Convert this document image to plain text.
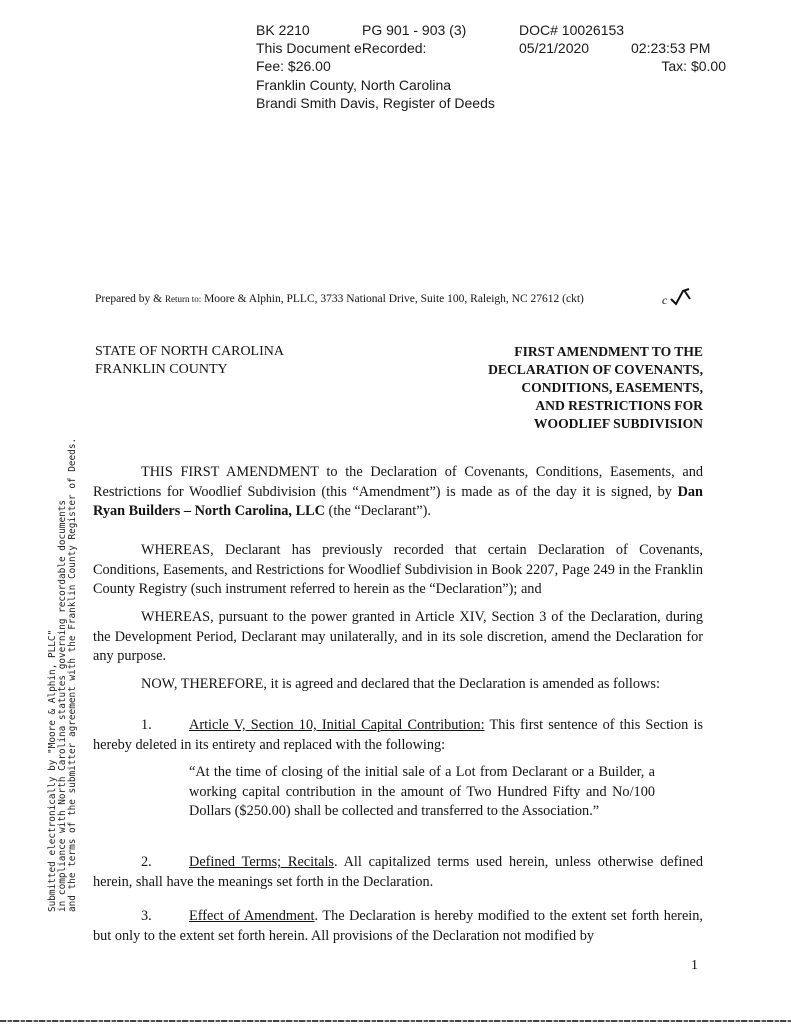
BK 2210	PG 901 - 903 (3)	DOC# 10026153
This Document eRecorded:	05/21/2020	02:23:53 PM
Fee: $26.00	Tax: $0.00
Franklin County, North Carolina
Brandi Smith Davis, Register of Deeds
Prepared by & Return to: Moore & Alphin, PLLC, 3733 National Drive, Suite 100, Raleigh, NC 27612 (ckt)	c
Submitted electronically by "Moore & Alphin, PLLC" in compliance with North Carolina statutes governing recordable documents and the terms of the submitter agreement with the Franklin County Register of Deeds.
STATE OF NORTH CAROLINA
FRANKLIN COUNTY
FIRST AMENDMENT TO THE
DECLARATION OF COVENANTS,
CONDITIONS, EASEMENTS,
AND RESTRICTIONS FOR
WOODLIEF SUBDIVISION
THIS FIRST AMENDMENT to the Declaration of Covenants, Conditions, Easements, and Restrictions for Woodlief Subdivision (this “Amendment”) is made as of the day it is signed, by Dan Ryan Builders – North Carolina, LLC (the “Declarant”).
WHEREAS, Declarant has previously recorded that certain Declaration of Covenants, Conditions, Easements, and Restrictions for Woodlief Subdivision in Book 2207, Page 249 in the Franklin County Registry (such instrument referred to herein as the “Declaration”); and
WHEREAS, pursuant to the power granted in Article XIV, Section 3 of the Declaration, during the Development Period, Declarant may unilaterally, and in its sole discretion, amend the Declaration for any purpose.
NOW, THEREFORE, it is agreed and declared that the Declaration is amended as follows:
1.	Article V, Section 10, Initial Capital Contribution: This first sentence of this Section is hereby deleted in its entirety and replaced with the following:
“At the time of closing of the initial sale of a Lot from Declarant or a Builder, a working capital contribution in the amount of Two Hundred Fifty and No/100 Dollars ($250.00) shall be collected and transferred to the Association.”
2.	Defined Terms; Recitals. All capitalized terms used herein, unless otherwise defined herein, shall have the meanings set forth in the Declaration.
3.	Effect of Amendment. The Declaration is hereby modified to the extent set forth herein, but only to the extent set forth herein. All provisions of the Declaration not modified by
1
